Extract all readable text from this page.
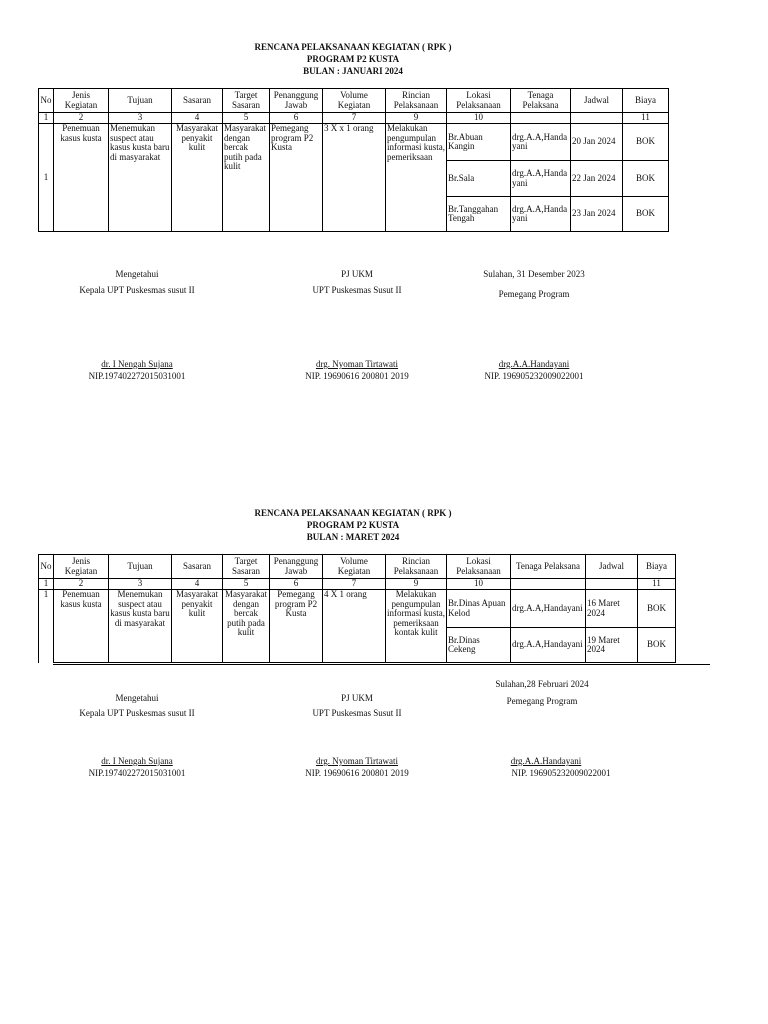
RENCANA PELAKSANAAN KEGIATAN ( RPK )
PROGRAM P2 KUSTA
BULAN : JANUARI 2024
No	Jenis Kegiatan	Tujuan	Sasaran	Target Sasaran	Penanggung Jawab	Volume Kegiatan	Rincian Pelaksanaan	Lokasi Pelaksanaan	Tenaga Pelaksana	Jadwal	Biaya
1	2	3	4	5	6	7	9	10			11
1	Penemuan kasus kusta	Menemukan suspect atau kasus kusta baru di masyarakat	Masyarakat penyakit kulit	Masyarakat dengan bercak putih pada kulit	Pemegang program P2 Kusta	3 X x 1 orang	Melakukan pengumpulan informasi kusta, pemeriksaan	Br.Abuan Kangin	drg.A.A,Handa yani	20 Jan 2024	BOK
								Br.Sala	drg.A.A,Handa yani	22 Jan 2024	BOK
								Br.Tanggahan Tengah	drg.A.A,Handa yani	23 Jan 2024	BOK
Mengetahui
Kepala UPT Puskesmas susut II
dr. I Nengah Sujana
NIP.197402272015031001
PJ UKM
UPT Puskesmas Susut II
drg. Nyoman Tirtawati
NIP. 19690616 200801 2019
Sulahan, 31 Desember 2023
Pemegang Program
drg.A.A.Handayani
NIP. 196905232009022001
RENCANA PELAKSANAAN KEGIATAN ( RPK )
PROGRAM P2 KUSTA
BULAN : MARET 2024
No	Jenis Kegiatan	Tujuan	Sasaran	Target Sasaran	Penanggung Jawab	Volume Kegiatan	Rincian Pelaksanaan	Lokasi Pelaksanaan	Tenaga Pelaksana	Jadwal	Biaya
1	2	3	4	5	6	7	9	10			11
1	Penemuan kasus kusta	Menemukan suspect atau kasus kusta baru di masyarakat	Masyarakat penyakit kulit	Masyarakat dengan bercak putih pada kulit	Pemegang program P2 Kusta	4 X 1 orang	Melakukan pengumpulan informasi kusta, pemeriksaan kontak kulit	Br.Dinas Apuan Kelod	drg.A.A,Handayani	16 Maret 2024	BOK
								Br.Dinas Cekeng	drg.A.A,Handayani	19 Maret 2024	BOK
Mengetahui
Kepala UPT Puskesmas susut II
dr. I Nengah Sujana
NIP.197402272015031001
PJ UKM
UPT Puskesmas Susut II
drg. Nyoman Tirtawati
NIP. 19690616 200801 2019
Sulahan,28 Februari 2024
Pemegang Program
drg.A.A.Handayani
NIP. 196905232009022001
